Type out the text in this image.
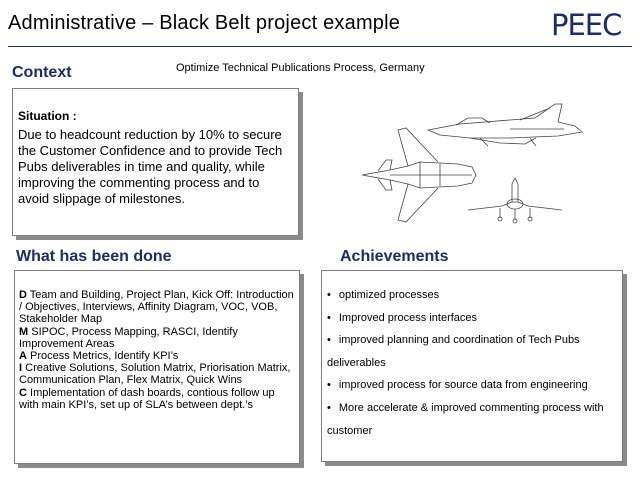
Administrative – Black Belt project example	PEEC
Context	Optimize Technical Publications Process, Germany
Situation :
Due to headcount reduction by 10% to secure the Customer Confidence and to provide Tech Pubs deliverables in time and quality, while improving the commenting process and to avoid slippage of milestones.
What has been done
D Team and Building, Project Plan, Kick Off: Introduction / Objectives, Interviews, Affinity Diagram, VOC, VOB, Stakeholder Map
M SIPOC, Process Mapping, RASCI, Identify Improvement Areas
A Process Metrics, Identify KPI’s
I Creative Solutions, Solution Matrix, Priorisation Matrix, Communication Plan, Flex Matrix, Quick Wins
C Implementation of dash boards, contious follow up with main KPI’s, set up of SLA’s between dept.’s
Achievements
• optimized processes
• Improved process interfaces
• improved planning and coordination of Tech Pubs deliverables
• improved process for source data from engineering
• More accelerate & improved commenting process with customer
